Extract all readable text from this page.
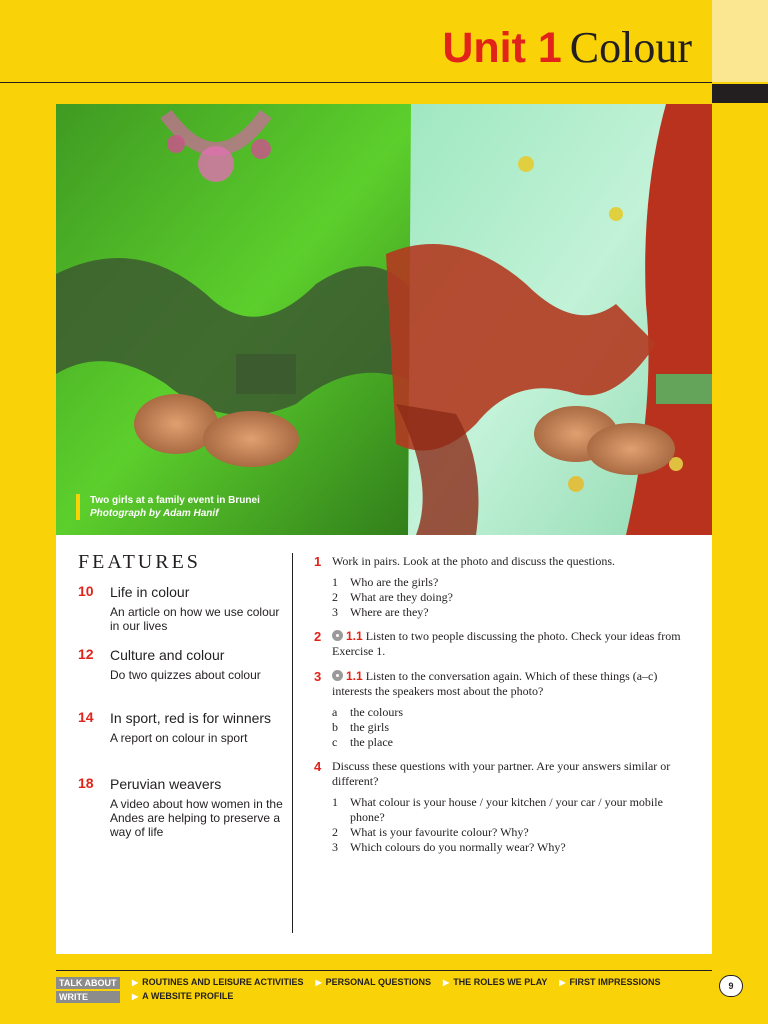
Unit 1 Colour
Two girls at a family event in Brunei
Photograph by Adam Hanif
FEATURES
10	Life in colour
An article on how we use colour in our lives
12	Culture and colour
Do two quizzes about colour
14	In sport, red is for winners
A report on colour in sport
18	Peruvian weavers
A video about how women in the Andes are helping to preserve a way of life
1 Work in pairs. Look at the photo and discuss the questions.
1 Who are the girls?
2 What are they doing?
3 Where are they?
2	1.1 Listen to two people discussing the photo. Check your ideas from Exercise 1.
3	1.1 Listen to the conversation again. Which of these things (a–c) interests the speakers most about the photo?
a the colours
b the girls
c the place
4 Discuss these questions with your partner. Are your answers similar or different?
1 What colour is your house / your kitchen / your car / your mobile phone?
2 What is your favourite colour? Why?
3 Which colours do you normally wear? Why?
TALK ABOUT	▶ ROUTINES AND LEISURE ACTIVITIES ▶ PERSONAL QUESTIONS ▶ THE ROLES WE PLAY ▶ FIRST IMPRESSIONS
WRITE	▶ A WEBSITE PROFILE
9
